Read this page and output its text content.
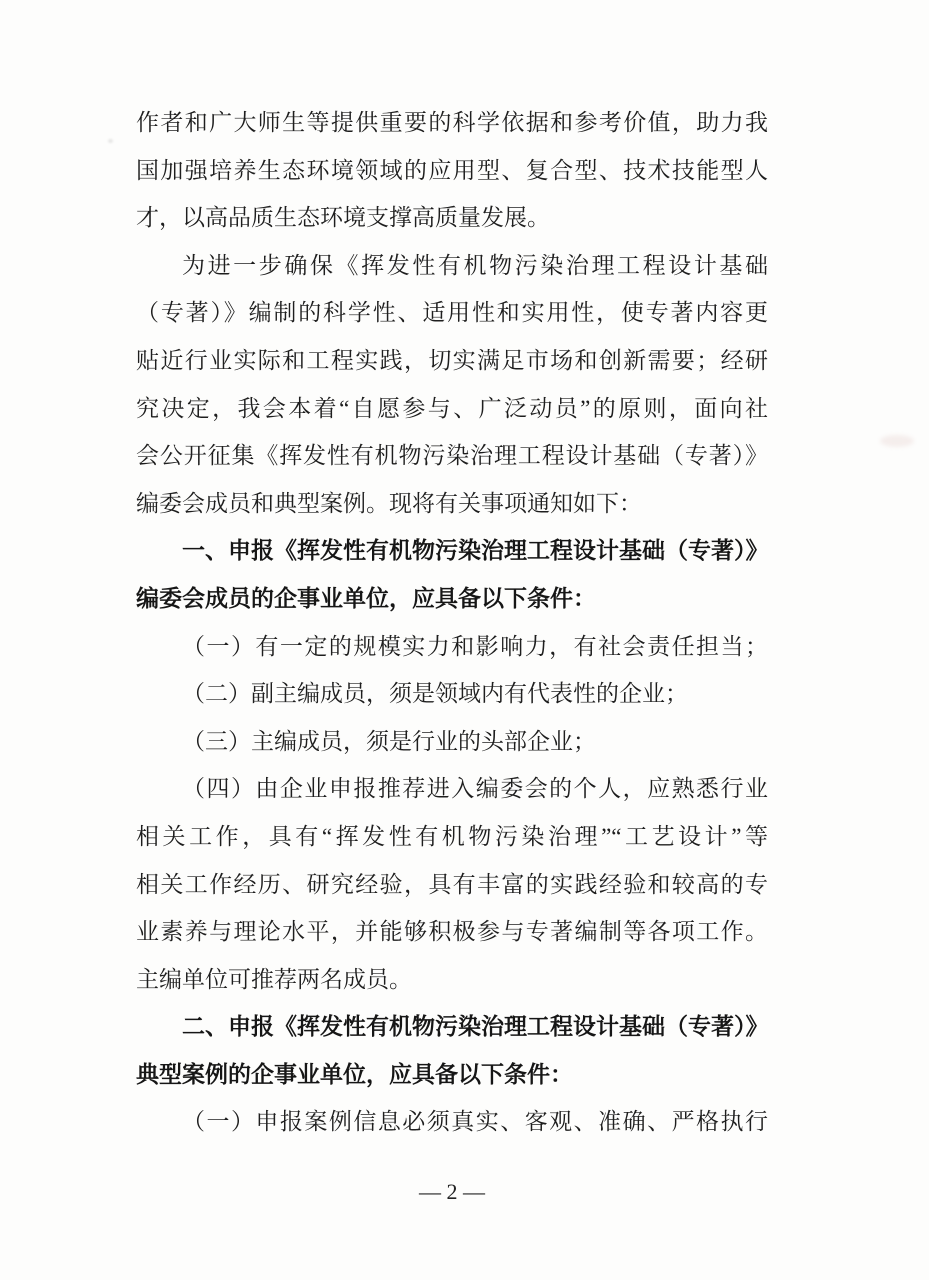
作者和广大师生等提供重要的科学依据和参考价值，助力我
国加强培养生态环境领域的应用型、复合型、技术技能型人
才，以高品质生态环境支撑高质量发展。
为进一步确保《挥发性有机物污染治理工程设计基础
（专著）》编制的科学性、适用性和实用性，使专著内容更
贴近行业实际和工程实践，切实满足市场和创新需要；经研
究决定，我会本着“自愿参与、广泛动员”的原则，面向社
会公开征集《挥发性有机物污染治理工程设计基础（专著）》
编委会成员和典型案例。现将有关事项通知如下：
一、申报《挥发性有机物污染治理工程设计基础（专著）》
编委会成员的企事业单位，应具备以下条件：
（一）有一定的规模实力和影响力，有社会责任担当；
（二）副主编成员，须是领域内有代表性的企业；
（三）主编成员，须是行业的头部企业；
（四）由企业申报推荐进入编委会的个人，应熟悉行业
相关工作，具有“挥发性有机物污染治理”“工艺设计”等
相关工作经历、研究经验，具有丰富的实践经验和较高的专
业素养与理论水平，并能够积极参与专著编制等各项工作。
主编单位可推荐两名成员。
二、申报《挥发性有机物污染治理工程设计基础（专著）》
典型案例的企事业单位，应具备以下条件：
（一）申报案例信息必须真实、客观、准确、严格执行
— 2 —
